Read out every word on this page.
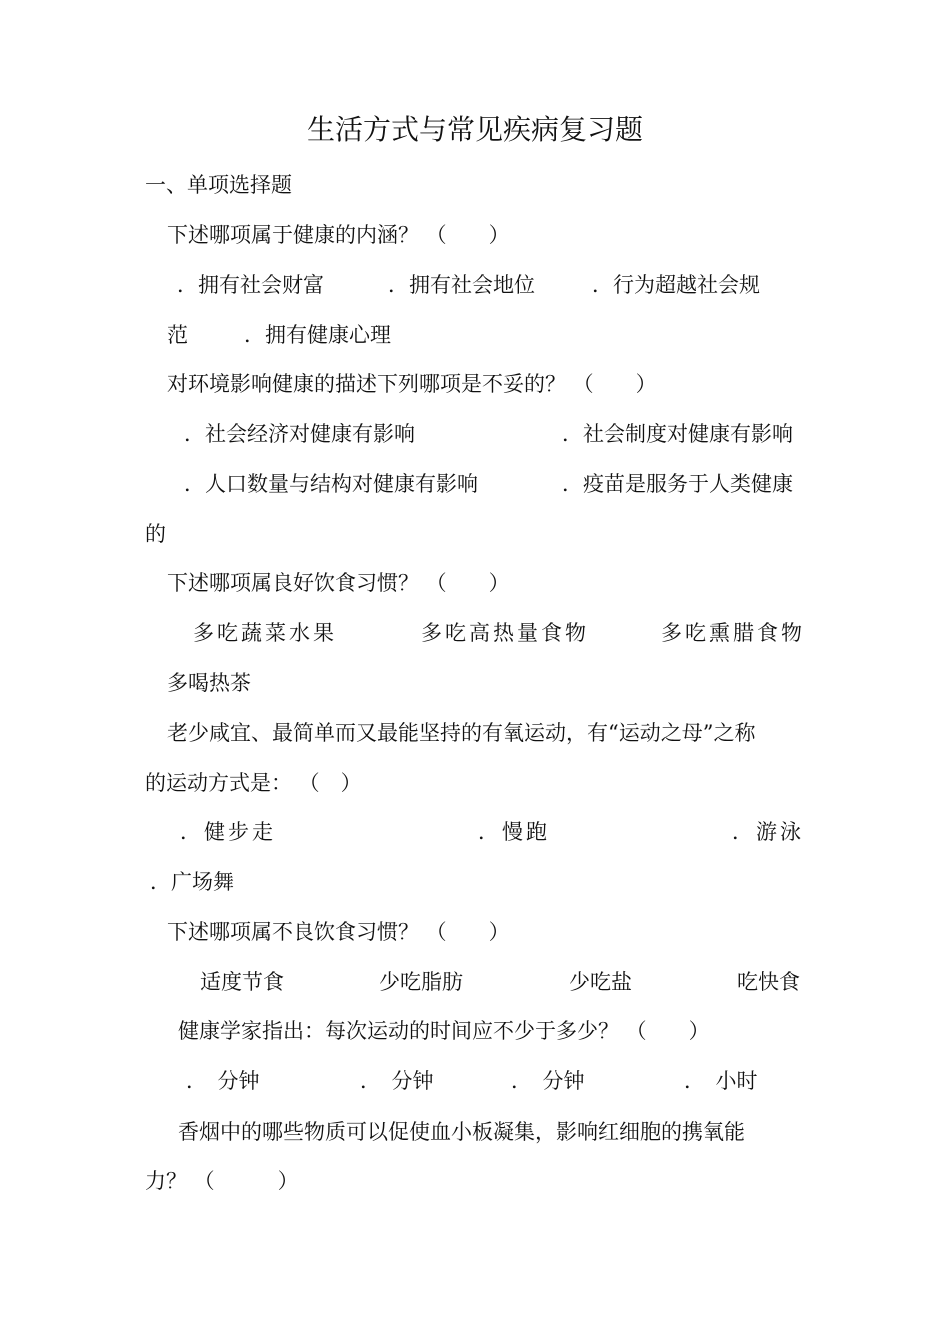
生活方式与常见疾病复习题
一、单项选择题
下述哪项属于健康的内涵？ （　　）
．拥有社会财富	．拥有社会地位	．行为超越社会规
范	．拥有健康心理
对环境影响健康的描述下列哪项是不妥的？ （　　）
．社会经济对健康有影响	．社会制度对健康有影响
．人口数量与结构对健康有影响	．疫苗是服务于人类健康
的
下述哪项属良好饮食习惯？ （　　）
多吃蔬菜水果	多吃高热量食物	多吃熏腊食物
多喝热茶
老少咸宜、最简单而又最能坚持的有氧运动，有“运动之母”之称
的运动方式是： （　）
．健步走	．慢跑	．游泳
．广场舞
下述哪项属不良饮食习惯？ （　　）
适度节食	少吃脂肪	少吃盐	吃快食
健康学家指出：每次运动的时间应不少于多少？ （　　）
．　分钟	．　分钟	．　分钟	．　小时
香烟中的哪些物质可以促使血小板凝集，影响红细胞的携氧能
力？ （　　　）
